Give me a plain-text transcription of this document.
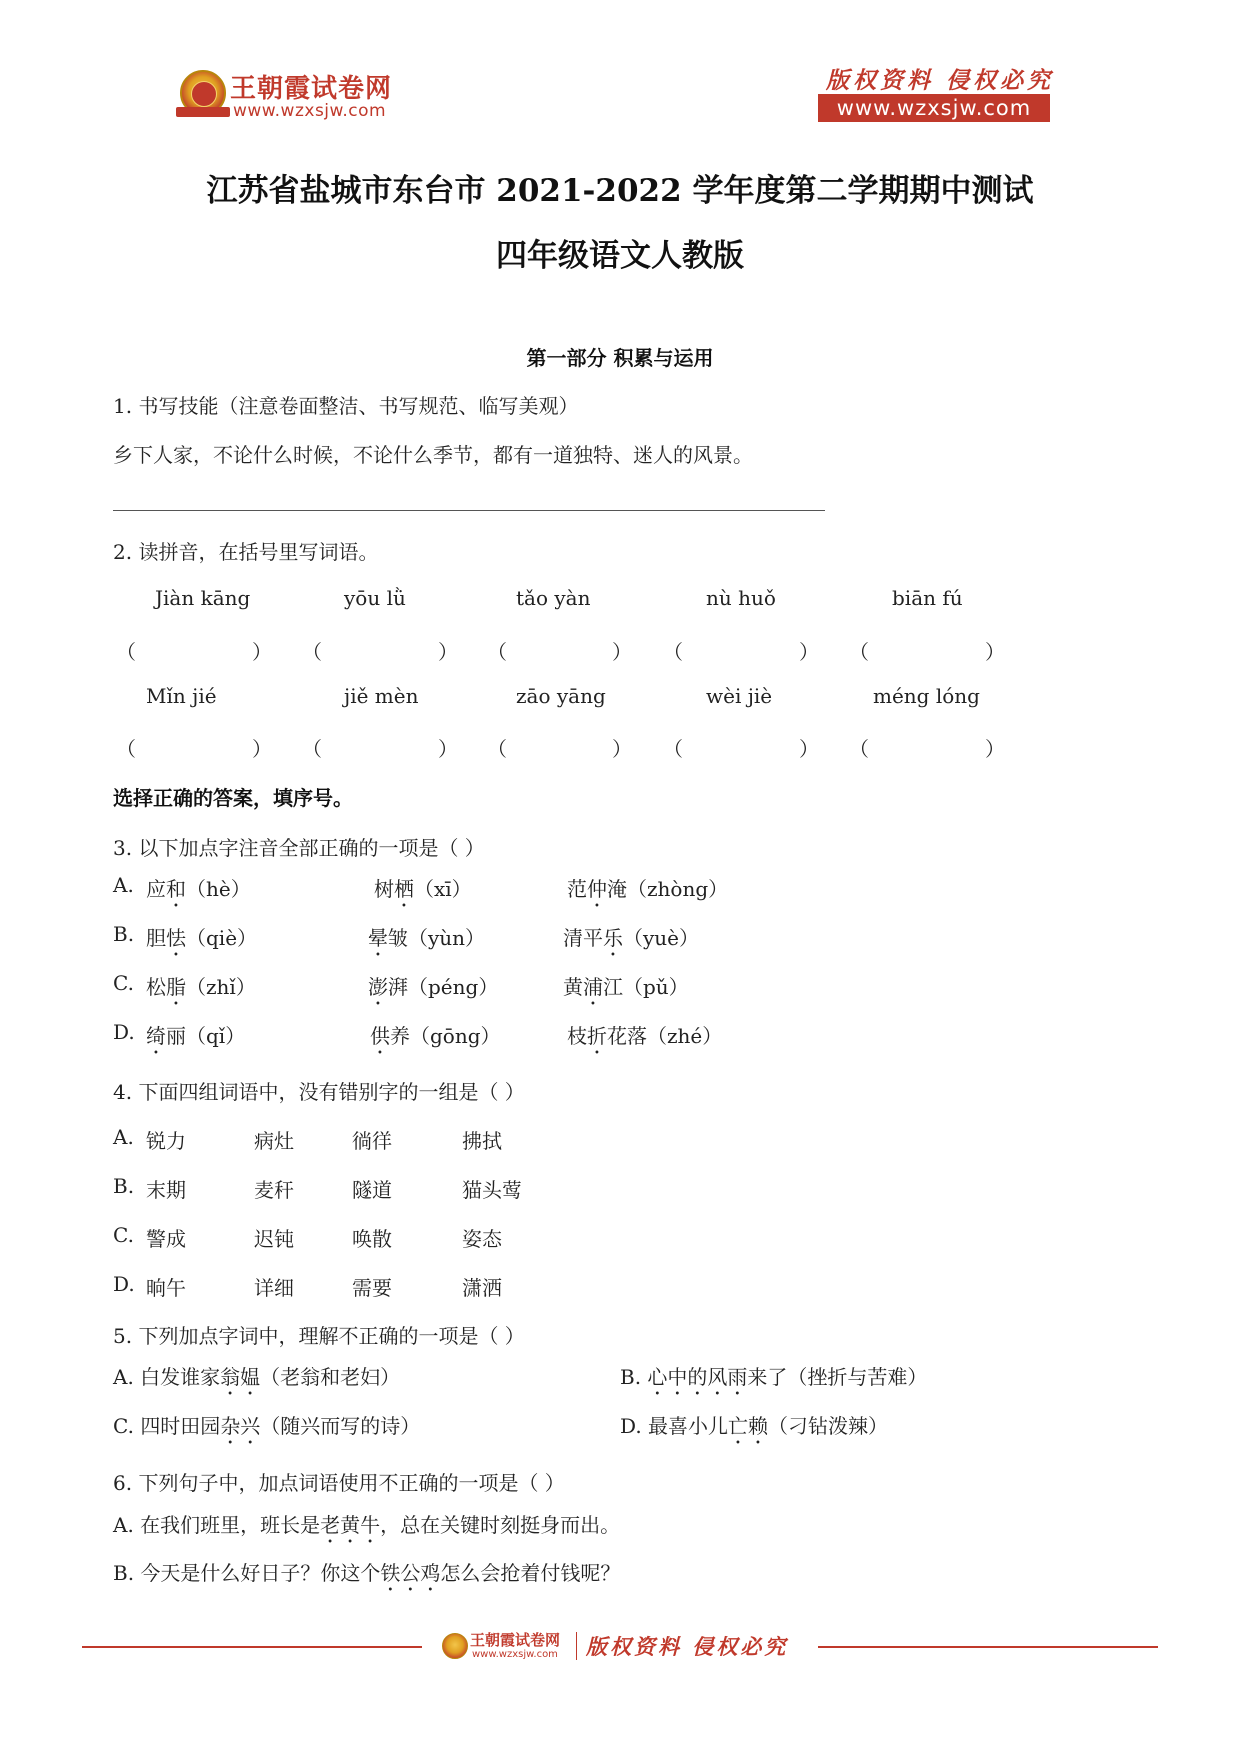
王朝霞试卷网
www.wzxsjw.com
版权资料 侵权必究
www.wzxsjw.com
江苏省盐城市东台市 2021-2022 学年度第二学期期中测试
四年级语文人教版
第一部分 积累与运用
1. 书写技能（注意卷面整洁、书写规范、临写美观）
乡下人家，不论什么时候，不论什么季节，都有一道独特、迷人的风景。
2. 读拼音，在括号里写词语。
Jiàn kāng	yōu lǜ	tǎo yàn	nù huǒ	biān fú
（	） （	） （	） （	） （	）
Mǐn jié	jiě mèn	zāo yāng	wèi jiè	méng lóng
（	） （	） （	） （	） （	）
选择正确的答案，填序号。
3. 以下加点字注音全部正确的一项是（ ）
A. 应和（hè）	树栖（xī）	范仲淹（zhòng）
B. 胆怯（qiè）	晕皱（yùn）	清平乐（yuè）
C. 松脂（zhǐ）	澎湃（péng）	黄浦江（pǔ）
D. 绮丽（qǐ）	供养（gōng）	枝折花落（zhé）
4. 下面四组词语中，没有错别字的一组是（ ）
A. 锐力	病灶	徜徉	拂拭
B. 末期	麦秆	隧道	猫头莺
C. 警成	迟钝	唤散	姿态
D. 晌午	详细	需要	潇洒
5. 下列加点字词中，理解不正确的一项是（ ）
A. 白发谁家翁媪（老翁和老妇）	B. 心中的风雨来了（挫折与苦难）
C. 四时田园杂兴（随兴而写的诗）	D. 最喜小儿亡赖（刁钻泼辣）
6. 下列句子中，加点词语使用不正确的一项是（ ）
A. 在我们班里，班长是老黄牛，总在关键时刻挺身而出。
B. 今天是什么好日子？你这个铁公鸡怎么会抢着付钱呢？
王朝霞试卷网
www.wzxsjw.com 版权资料 侵权必究
